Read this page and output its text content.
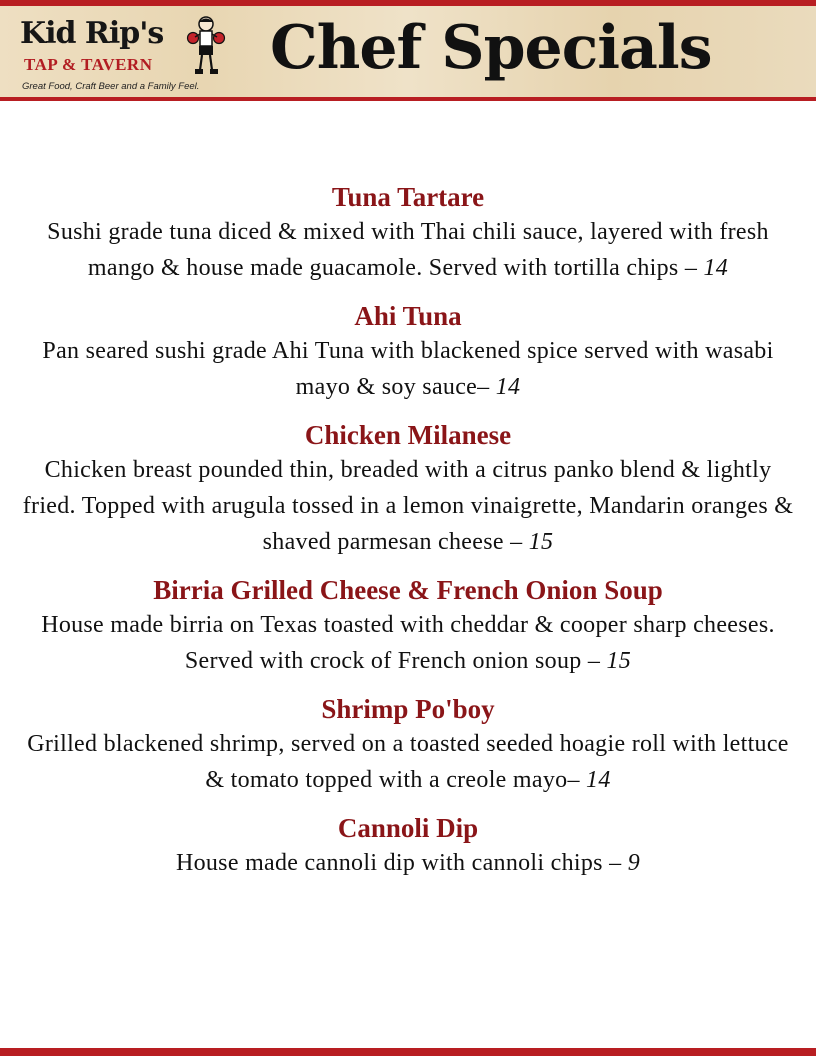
Kid Rip's
TAP & TAVERN
Great Food, Craft Beer and a Family Feel.
Chef Specials
Tuna Tartare
Sushi grade tuna diced & mixed with Thai chili sauce, layered with fresh mango & house made guacamole. Served with tortilla chips – 14
Ahi Tuna
Pan seared sushi grade Ahi Tuna with blackened spice served with wasabi mayo & soy sauce– 14
Chicken Milanese
Chicken breast pounded thin, breaded with a citrus panko blend & lightly fried. Topped with arugula tossed in a lemon vinaigrette, Mandarin oranges & shaved parmesan cheese – 15
Birria Grilled Cheese & French Onion Soup
House made birria on Texas toasted with cheddar & cooper sharp cheeses. Served with crock of French onion soup – 15
Shrimp Po'boy
Grilled blackened shrimp, served on a toasted seeded hoagie roll with lettuce & tomato topped with a creole mayo– 14
Cannoli Dip
House made cannoli dip with cannoli chips – 9
